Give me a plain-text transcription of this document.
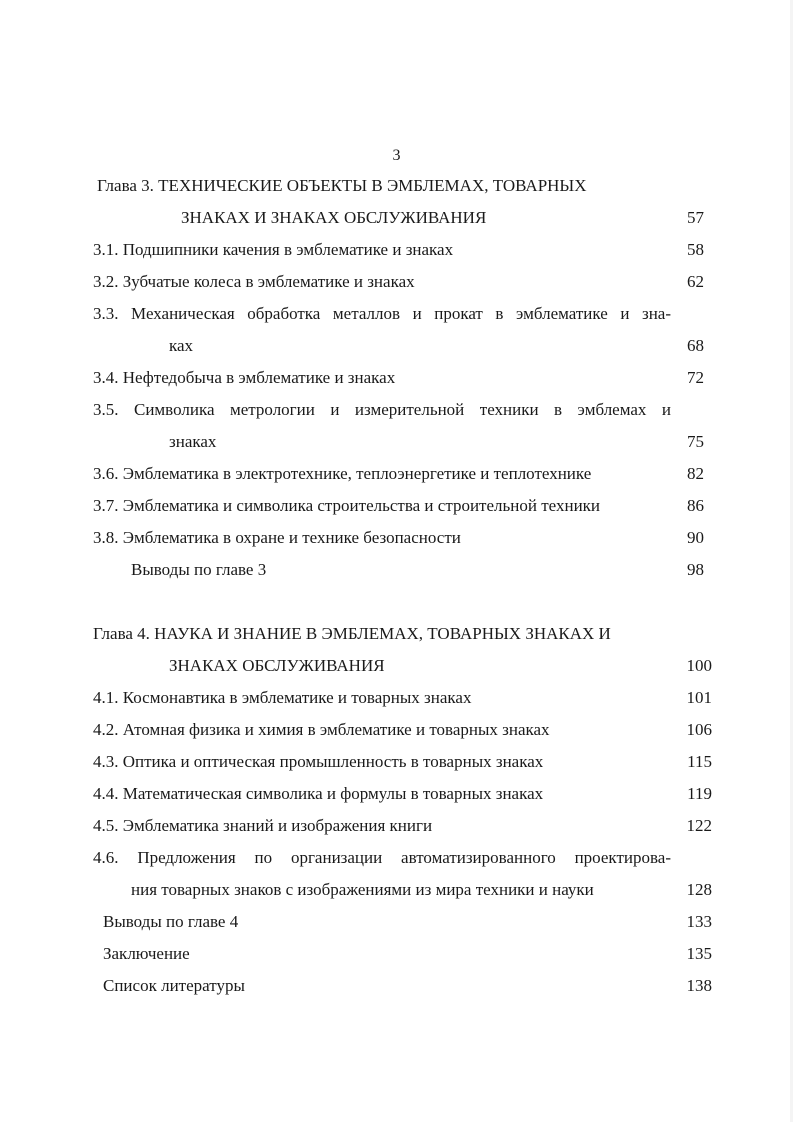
3
Глава 3. ТЕХНИЧЕСКИЕ ОБЪЕКТЫ В ЭМБЛЕМАХ, ТОВАРНЫХ
ЗНАКАХ И ЗНАКАХ ОБСЛУЖИВАНИЯ	57
3.1. Подшипники качения в эмблематике и знаках	58
3.2. Зубчатые колеса в эмблематике и знаках	62
3.3. Механическая обработка металлов и прокат в эмблематике и зна-
ках	68
3.4. Нефтедобыча в эмблематике и знаках	72
3.5. Символика метрологии и измерительной техники в эмблемах и
знаках	75
3.6. Эмблематика в электротехнике, теплоэнергетике и теплотехнике	82
3.7. Эмблематика и символика строительства и строительной техники	86
3.8. Эмблематика в охране и технике безопасности	90
Выводы по главе 3	98
Глава 4. НАУКА И ЗНАНИЕ В ЭМБЛЕМАХ, ТОВАРНЫХ ЗНАКАХ И
ЗНАКАХ ОБСЛУЖИВАНИЯ	100
4.1. Космонавтика в эмблематике и товарных знаках	101
4.2. Атомная физика и химия в эмблематике и товарных знаках	106
4.3. Оптика и оптическая промышленность в товарных знаках	115
4.4. Математическая символика и формулы в товарных знаках	119
4.5. Эмблематика знаний и изображения книги	122
4.6. Предложения по организации автоматизированного проектирова-
ния товарных знаков с изображениями из мира техники и науки	128
Выводы по главе 4	133
Заключение	135
Список литературы	138
